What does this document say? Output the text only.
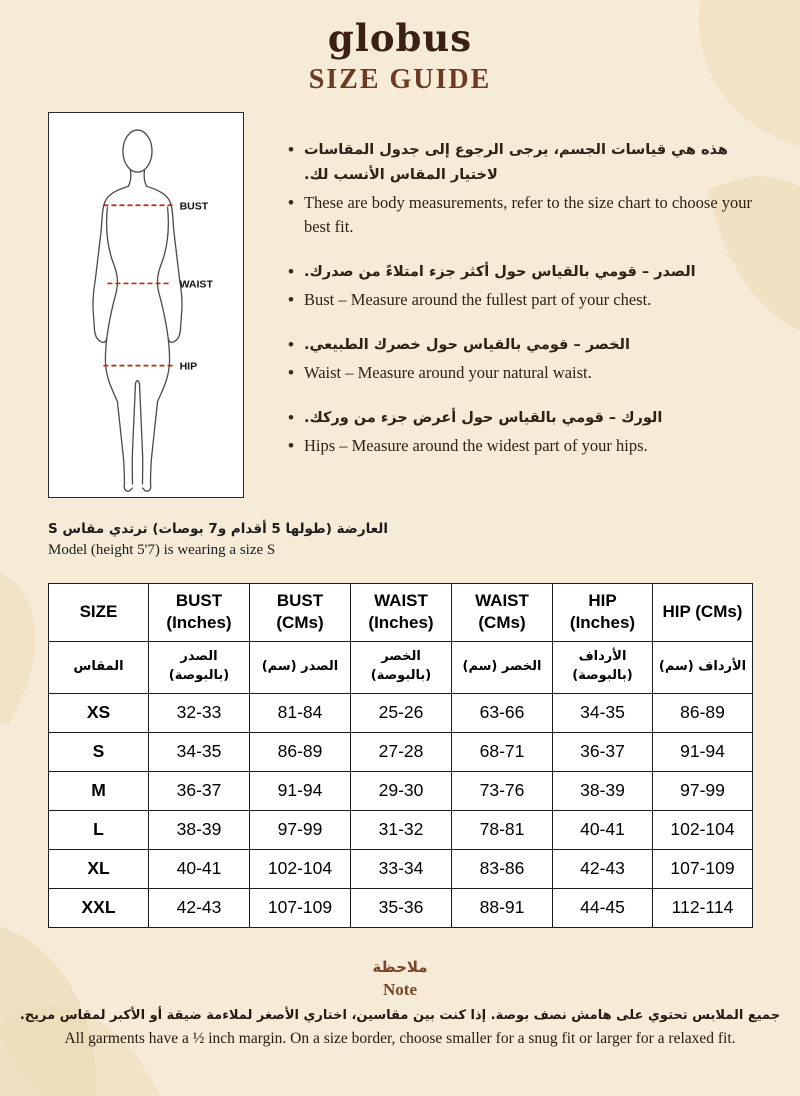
globus
SIZE GUIDE
BUST
WAIST
HIP
• هذه هي قياسات الجسم، يرجى الرجوع إلى جدول المقاسات لاختيار المقاس الأنسب لك.
• These are body measurements, refer to the size chart to choose your best fit.
• الصدر – قومي بالقياس حول أكثر جزء امتلاءً من صدرك.
• Bust – Measure around the fullest part of your chest.
• الخصر – قومي بالقياس حول خصرك الطبيعي.
• Waist – Measure around your natural waist.
• الورك – قومي بالقياس حول أعرض جزء من وركك.
• Hips – Measure around the widest part of your hips.
العارضة (طولها 5 أقدام و7 بوصات) ترتدي مقاس S
Model (height 5'7) is wearing a size S
SIZE	BUST (Inches)	BUST (CMs)	WAIST (Inches)	WAIST (CMs)	HIP (Inches)	HIP (CMs)
المقاس	الصدر (بالبوصة)	الصدر (سم)	الخصر (بالبوصة)	الخصر (سم)	الأرداف (بالبوصة)	الأرداف (سم)
XS	32-33	81-84	25-26	63-66	34-35	86-89
S	34-35	86-89	27-28	68-71	36-37	91-94
M	36-37	91-94	29-30	73-76	38-39	97-99
L	38-39	97-99	31-32	78-81	40-41	102-104
XL	40-41	102-104	33-34	83-86	42-43	107-109
XXL	42-43	107-109	35-36	88-91	44-45	112-114
ملاحظة
Note
جميع الملابس تحتوي على هامش نصف بوصة. إذا كنت بين مقاسين، اختاري الأصغر لملاءمة ضيقة أو الأكبر لمقاس مريح.
All garments have a ½ inch margin. On a size border, choose smaller for a snug fit or larger for a relaxed fit.
